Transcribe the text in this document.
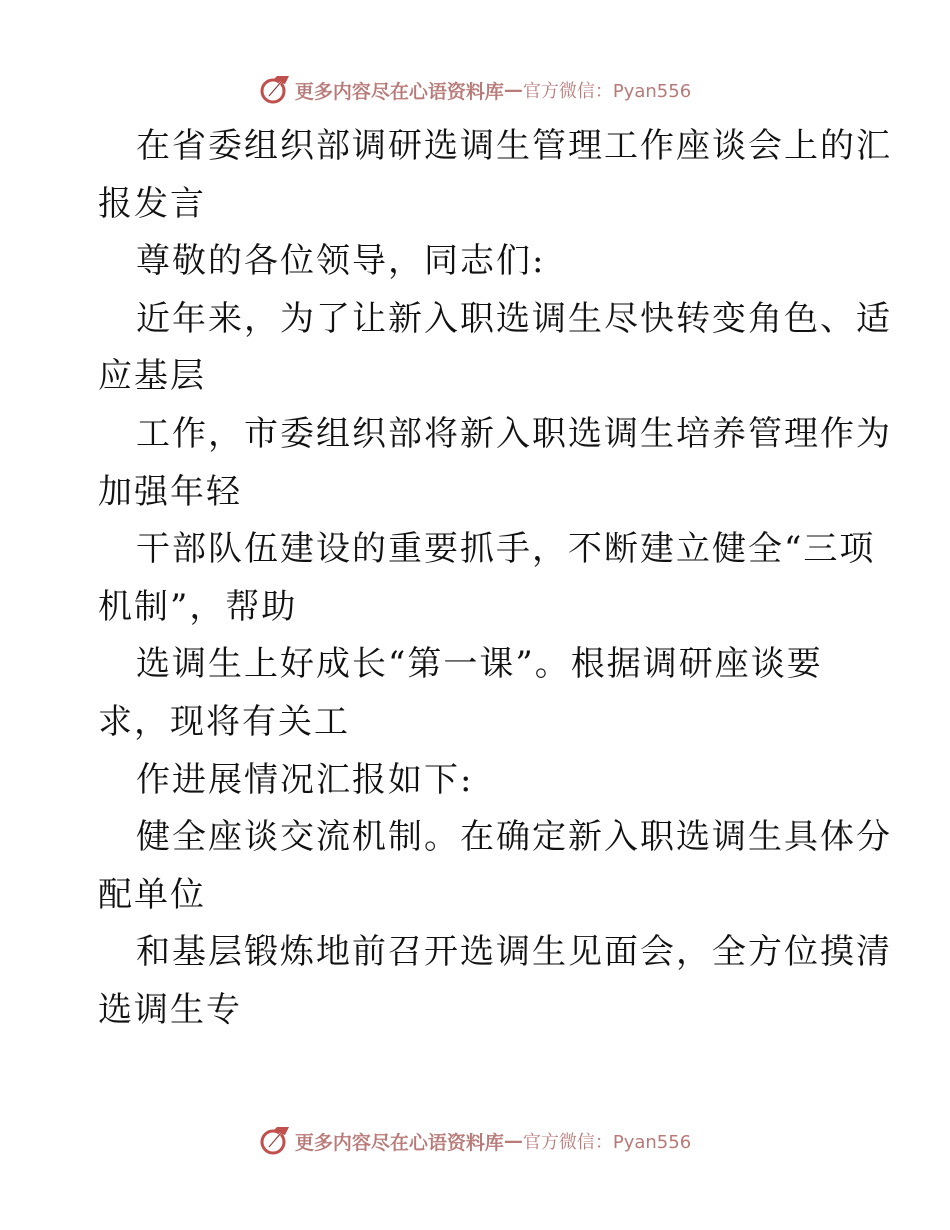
更多内容尽在心语资料库 — 官方微信：Pyan556
在省委组织部调研选调生管理工作座谈会上的汇
报发言
尊敬的各位领导，同志们:
近年来，为了让新入职选调生尽快转变角色、适
应基层
工作，市委组织部将新入职选调生培养管理作为
加强年轻
干部队伍建设的重要抓手，不断建立健全“三项
机制”，帮助
选调生上好成长“第一课”。根据调研座谈要
求，现将有关工
作进展情况汇报如下:
健全座谈交流机制。在确定新入职选调生具体分
配单位
和基层锻炼地前召开选调生见面会，全方位摸清
选调生专
更多内容尽在心语资料库 — 官方微信：Pyan556
